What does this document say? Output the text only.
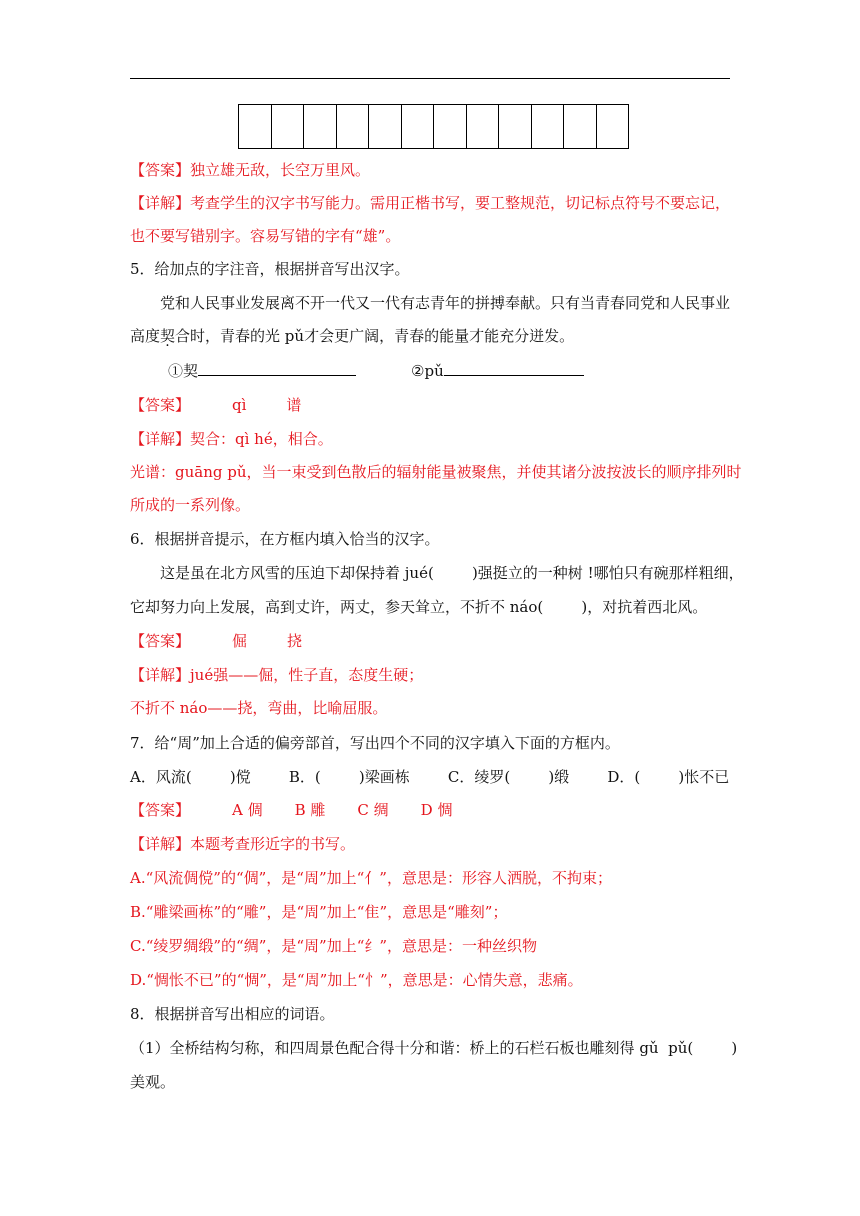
【答案】独立雄无敌，长空万里风。
【详解】考查学生的汉字书写能力。需用正楷书写，要工整规范，切记标点符号不要忘记，
也不要写错别字。容易写错的字有“雄”。
5．给加点的字注音，根据拼音写出汉字。
党和人民事业发展离不开一代又一代有志青年的拼搏奉献。只有当青春同党和人民事业
高度契合时，青春的光 pǔ才会更广阔，青春的能量才能充分迸发。
①契	②pǔ
【答案】	qì	谱
【详解】契合：qì hé，相合。
光谱：guāng pǔ，当一束受到色散后的辐射能量被聚焦，并使其诸分波按波长的顺序排列时
所成的一系列像。
6．根据拼音提示，在方框内填入恰当的汉字。
这是虽在北方风雪的压迫下却保持着 jué(        )强挺立的一种树 !哪怕只有碗那样粗细，
它却努力向上发展，高到丈许，两丈，参天耸立，不折不 náo(        )，对抗着西北风。
【答案】	倔	挠
【详解】jué强——倔，性子直，态度生硬；
不折不 náo——挠，弯曲，比喻屈服。
7．给“周”加上合适的偏旁部首，写出四个不同的汉字填入下面的方框内。
A．风流(        )傥        B．(        )梁画栋        C．绫罗(        )缎        D．(        )怅不已
【答案】	A 倜 B 雕 C 绸 D 惆
【详解】本题考查形近字的书写。
A.“风流倜傥”的“倜”，是“周”加上“亻”，意思是：形容人洒脱，不拘束；
B.“雕梁画栋”的“雕”，是“周”加上“隹”，意思是“雕刻”；
C.“绫罗绸缎”的“绸”，是“周”加上“纟”，意思是：一种丝织物
D.“惆怅不已”的“惆”，是“周”加上“忄”，意思是：心情失意，悲痛。
8．根据拼音写出相应的词语。
（1）全桥结构匀称，和四周景色配合得十分和谐：桥上的石栏石板也雕刻得 gǔ  pǔ(        )
美观。
